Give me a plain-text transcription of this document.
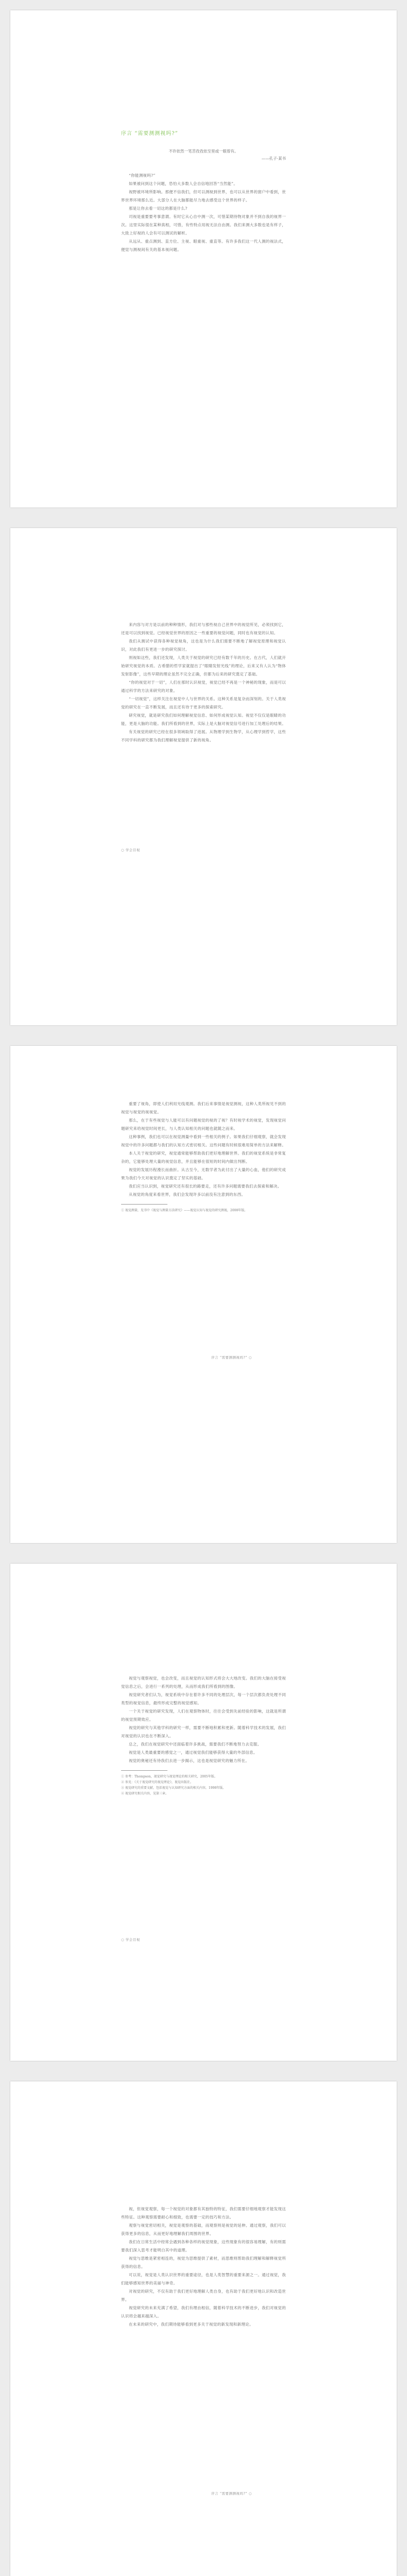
序言 “需要测测视吗?”
不许依然一笔苦孜孜依至里或一眼曾有。
——孔子·某书

“你能测视吗?”

如果被问到这个问题，恐怕大多数人会自信地回答“当然能”。

视野被环境所影响。那便不信我们，但可以测视到世界，也可以从世界的窗户中看到，世界世界环境那么近。大部分人在大脑都能尽力地去感受这个世界的样子。

那是让你去看一切这的都是什么?

司视是重要要考事意谓。有时它从心自中测一次，可惜某期待物对象并不到自我的视界一次。这里实际很在某种真相，可惜，有些特点用视无法自由测。我们来测大多数也是有样子，大致上好视的人会有可以测试的解析。

从远从、重点测到、直方位、主视、眼重视、重直等。有许多我们这一代人测的视法式，便觉与测视间有关的基本视问题。

来内容与对方是以前的种种情形，我们对与那些视自己世界中的视觉所见，必须找到它，还是可以找到视觉。已经视觉世界的原因之一些重要的视觉问题，同时也有视觉的认知。

我们从测试中获得各种视觉视角，这也是为什么我们需要不断地了解视觉原理和视觉认识，对此我们有更进一步的研究探讨。

则视如这些，我们还发现，人类关于视觉的研究已经有数千年的历史。在古代，人们就开始研究视觉的本质。古希腊的哲学家就提出了“眼睛发射光线”的理论，后来又有人认为“物体发射影像”，这些早期的理论虽然不完全正确，但都为后来的研究奠定了基础。

“你的视觉对于一切”，人们在那时认识视觉，视觉已经不再是一个神秘的现象，而是可以通过科学的方法来研究的对象。

“一切视觉”，这样关注在视觉中人与世界的关系。这种关系是复杂而深刻的。关于人类视觉的研究在一直不断发展，而且还有待于更多的探索研究。

研究视觉，就是研究我们如何理解视觉信息、如何形成视觉认知。视觉不仅仅是眼睛的功能，更是大脑的功能。我们所看到的世界，实际上是大脑对视觉信号进行加工处理后的结果。

有关视觉的研究已经在很多领域取得了进展。从物理学到生物学，从心理学到哲学，这些不同学科的研究都为我们理解视觉提供了新的视角。

○ 学会目视

重要了视角，即使人们利用光线观测。我们后来事情是视觉测视，这种人类所视见不到的视觉与视觉的视视觉。

那么，在于有些视觉与人能可以有问题视觉的视的了视？有时视学术的视觉，发现视觉问题研究来给视觉时间更长，与人类认知相关的问题也就随之而来。

这种事例，我们也可以在视觉测量中看到一些相关的例子。如果我们仔细观察，就会发现视觉中的许多问题都与我们的认知方式密切相关。这些问题有时候很难用简单的方法来解释。

本人关于视觉的研究，视觉通常能够帮助我们更好地理解世界。我们的视觉系统是非常复杂的，它能够处理大量的视觉信息，并且能够在很短的时间内做出判断。

视觉的发展历程漫长而曲折。从古至今，无数学者为此付出了大量的心血，他们的研究成果为我们今天对视觉的认识奠定了坚实的基础。

我们应当认识到，视觉研究还有很长的路要走，还有许多问题需要我们去探索和解决。

从视觉的角度来看世界，我们会发现许多以前没有注意到的东西。

① 视觉测量，见书中《视觉与测量方法研究》——视觉认知与视觉的研究测视，2008年版。
序言 “需要测测视吗?” ○

视觉与观察视觉，也会改变，而且视觉的认知形式将会大大地改变。我们的大脑在接受视觉信息之后，会进行一系列的处理，从而形成我们所看到的图像。

视觉研究者们认为，视觉系统中存在着许多不同的处理层次，每一个层次都负责处理不同类型的视觉信息，最终形成完整的视觉感知。

一个关于视觉的研究发现，人们在观察物体时，往往会受到先前经验的影响，这就是所谓的视觉预期效应。

视觉的研究与其他学科的研究一样，需要不断地积累和更新。随着科学技术的发展，我们对视觉的认识也在不断深入。

总之，我们在视觉研究中还面临着许多挑战，需要我们不断地努力去克服。

视觉是人类最重要的感觉之一，通过视觉我们能够获得大量的外部信息。

视觉的奥秘还有待我们去进一步揭示，这也是视觉研究的魅力所在。

① 参考：Thompson，视觉研究与视觉理论的相关研究，2005年版。
② 参见：《关于视觉研究的视觉理论》，视觉出版社。
③ 视觉研究的重要文献，包括视觉与认知研究方面的相关内容，1998年版。
④ 视觉研究相关内容，见第三章。
○ 学会目视

视，但视觉观察，每一个视觉的对象都有其独特的特征，我们需要仔细地观察才能发现这些特征。这种观察需要耐心和细致，也需要一定的技巧和方法。

观察与视觉密切相关，视觉是观察的基础，而观察则是视觉的延伸。通过观察，我们可以获得更多的信息，从而更好地理解我们周围的世界。

我们在日常生活中经常会遇到各种各样的视觉现象，这些现象有的很容易理解，有的则需要我们深入思考才能明白其中的道理。

视觉与思维是紧密相连的，视觉为思维提供了素材，而思维则帮助我们理解和解释视觉所获得的信息。

可以说，视觉是人类认识世界的重要途径，也是人类智慧的重要来源之一。通过视觉，我们能够感知世界的美丽与神奇。

对视觉的研究，不仅有助于我们更好地理解人类自身，也有助于我们更好地认识和改造世界。

视觉研究的未来充满了希望，我们有理由相信，随着科学技术的不断进步，我们对视觉的认识将会越来越深入。

在未来的研究中，我们期待能够看到更多关于视觉的新发现和新理论。

序言 “需要测测视吗?” ○
